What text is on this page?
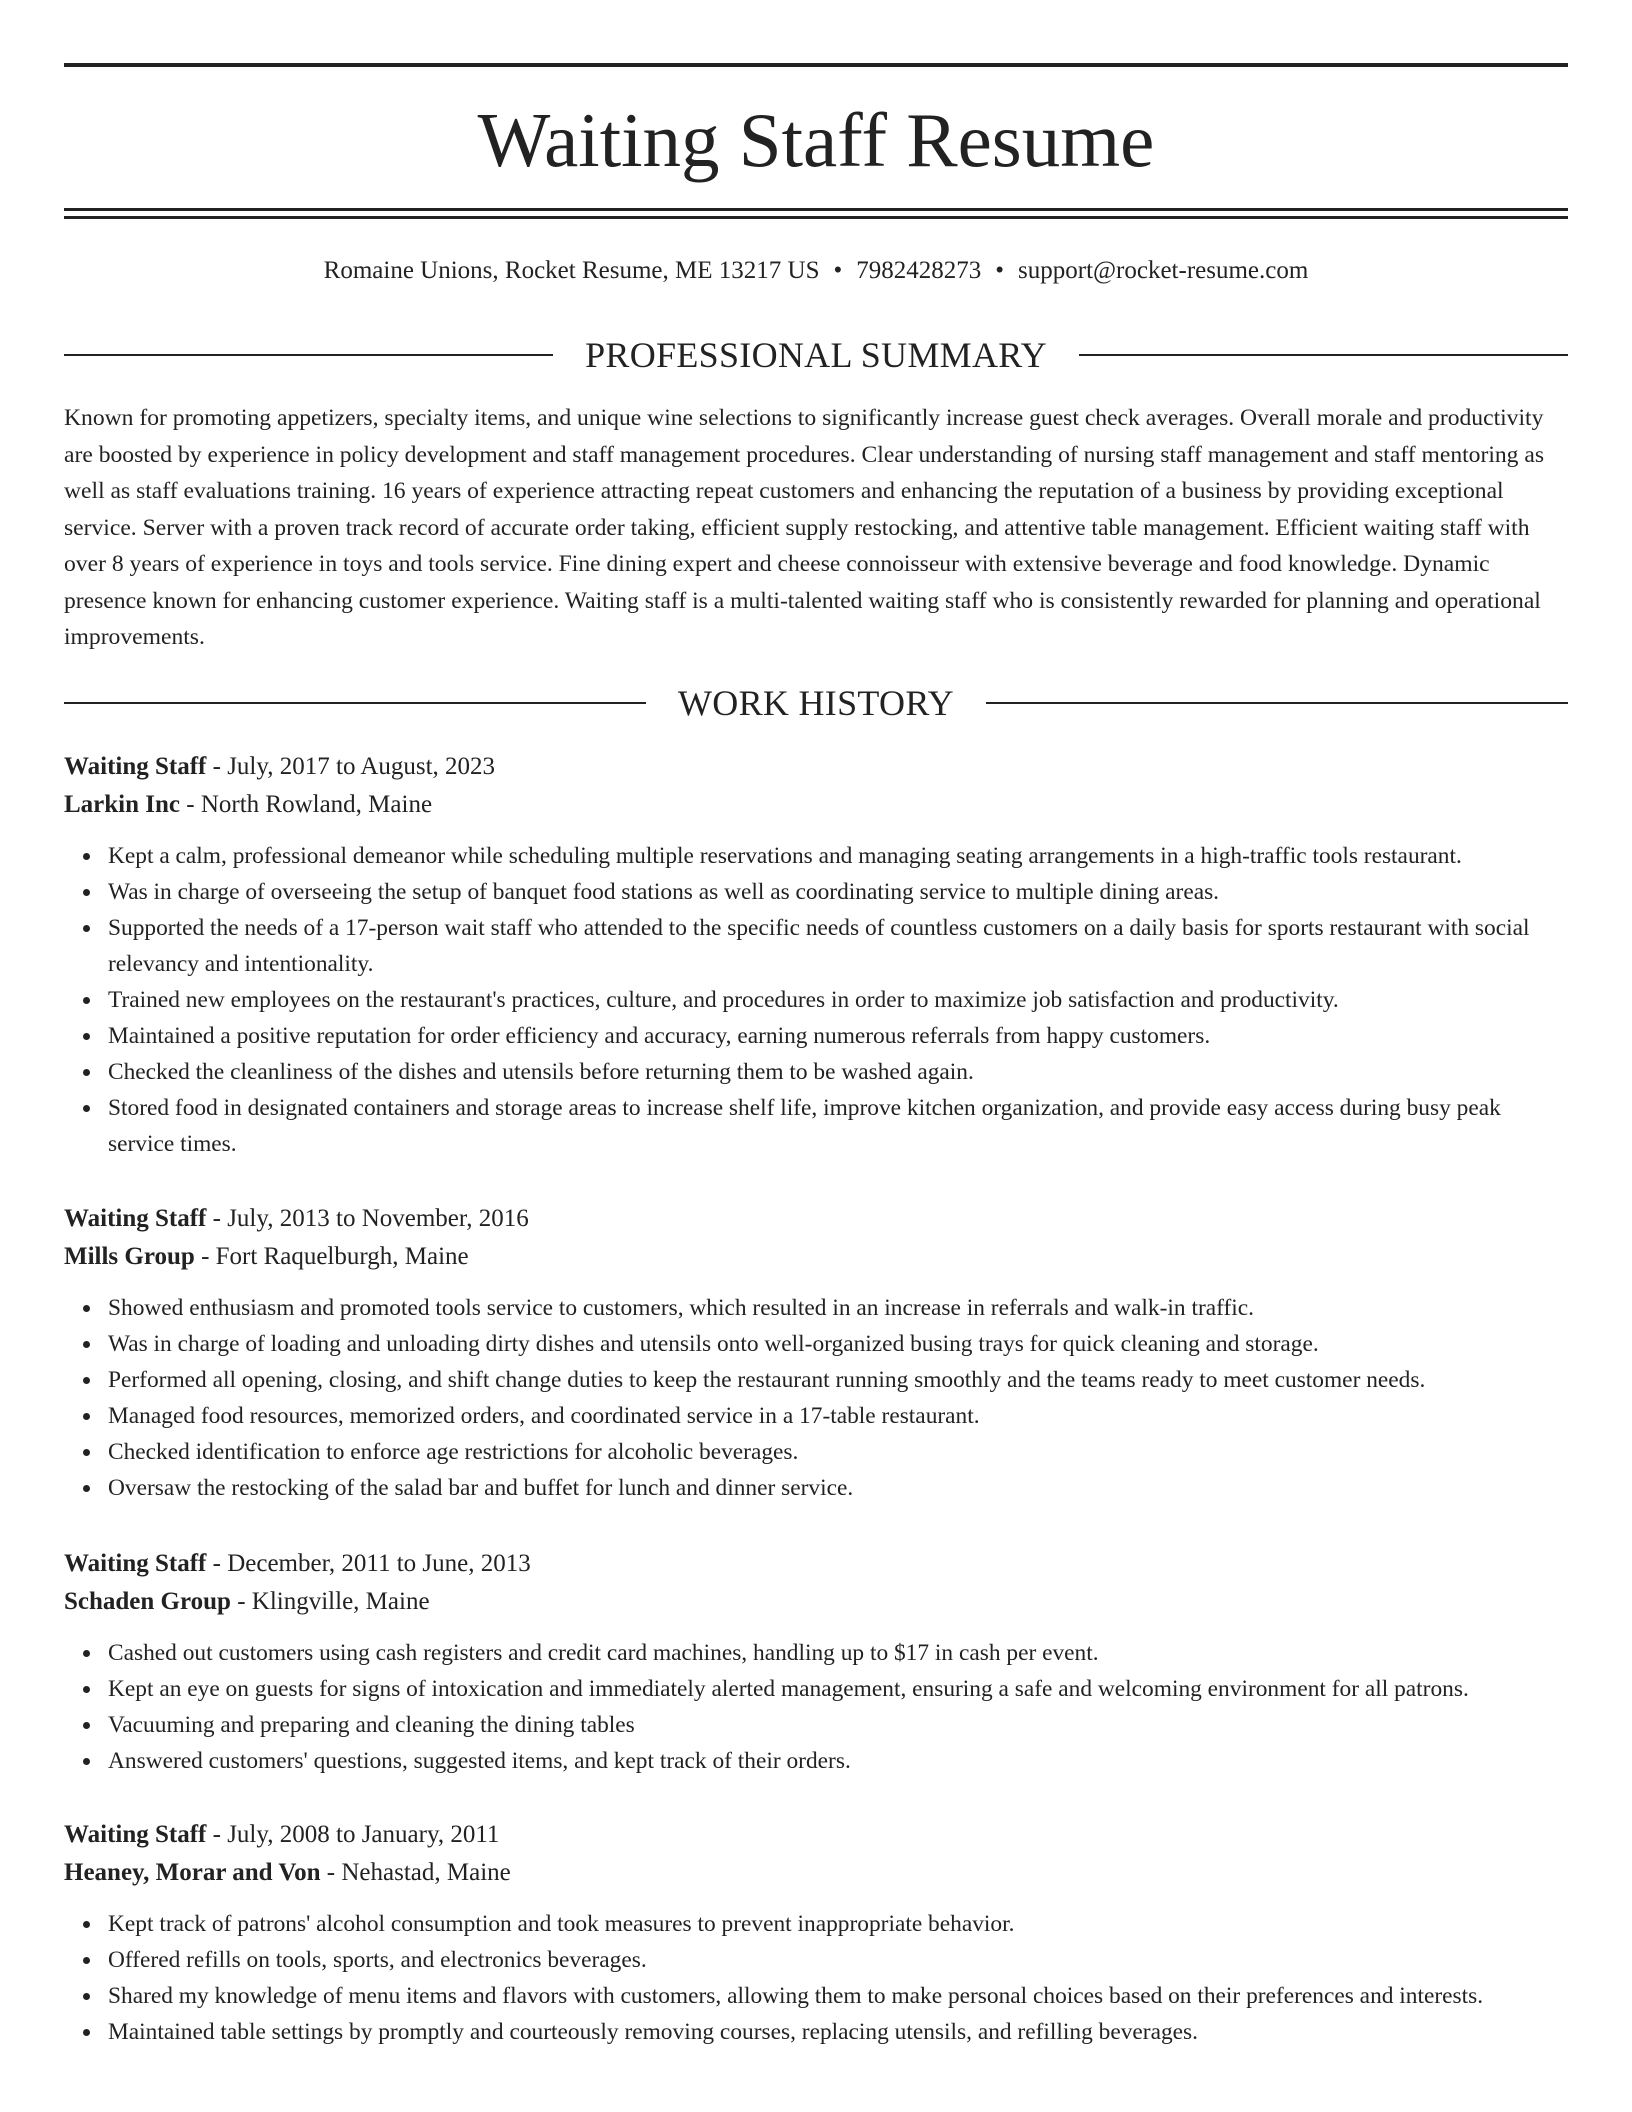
Waiting Staff Resume
Romaine Unions, Rocket Resume, ME 13217 US • 7982428273 • support@rocket-resume.com
PROFESSIONAL SUMMARY

Known for promoting appetizers, specialty items, and unique wine selections to significantly increase guest check averages. Overall morale and productivity are boosted by experience in policy development and staff management procedures. Clear understanding of nursing staff management and staff mentoring as well as staff evaluations training. 16 years of experience attracting repeat customers and enhancing the reputation of a business by providing exceptional service. Server with a proven track record of accurate order taking, efficient supply restocking, and attentive table management. Efficient waiting staff with over 8 years of experience in toys and tools service. Fine dining expert and cheese connoisseur with extensive beverage and food knowledge. Dynamic presence known for enhancing customer experience. Waiting staff is a multi-talented waiting staff who is consistently rewarded for planning and operational improvements.

WORK HISTORY
Waiting Staff - July, 2017 to August, 2023
Larkin Inc - North Rowland, Maine
Kept a calm, professional demeanor while scheduling multiple reservations and managing seating arrangements in a high-traffic tools restaurant.
Was in charge of overseeing the setup of banquet food stations as well as coordinating service to multiple dining areas.
Supported the needs of a 17-person wait staff who attended to the specific needs of countless customers on a daily basis for sports restaurant with social relevancy and intentionality.
Trained new employees on the restaurant's practices, culture, and procedures in order to maximize job satisfaction and productivity.
Maintained a positive reputation for order efficiency and accuracy, earning numerous referrals from happy customers.
Checked the cleanliness of the dishes and utensils before returning them to be washed again.
Stored food in designated containers and storage areas to increase shelf life, improve kitchen organization, and provide easy access during busy peak service times.
Waiting Staff - July, 2013 to November, 2016
Mills Group - Fort Raquelburgh, Maine
Showed enthusiasm and promoted tools service to customers, which resulted in an increase in referrals and walk-in traffic.
Was in charge of loading and unloading dirty dishes and utensils onto well-organized busing trays for quick cleaning and storage.
Performed all opening, closing, and shift change duties to keep the restaurant running smoothly and the teams ready to meet customer needs.
Managed food resources, memorized orders, and coordinated service in a 17-table restaurant.
Checked identification to enforce age restrictions for alcoholic beverages.
Oversaw the restocking of the salad bar and buffet for lunch and dinner service.
Waiting Staff - December, 2011 to June, 2013
Schaden Group - Klingville, Maine
Cashed out customers using cash registers and credit card machines, handling up to $17 in cash per event.
Kept an eye on guests for signs of intoxication and immediately alerted management, ensuring a safe and welcoming environment for all patrons.
Vacuuming and preparing and cleaning the dining tables
Answered customers' questions, suggested items, and kept track of their orders.
Waiting Staff - July, 2008 to January, 2011
Heaney, Morar and Von - Nehastad, Maine
Kept track of patrons' alcohol consumption and took measures to prevent inappropriate behavior.
Offered refills on tools, sports, and electronics beverages.
Shared my knowledge of menu items and flavors with customers, allowing them to make personal choices based on their preferences and interests.
Maintained table settings by promptly and courteously removing courses, replacing utensils, and refilling beverages.
